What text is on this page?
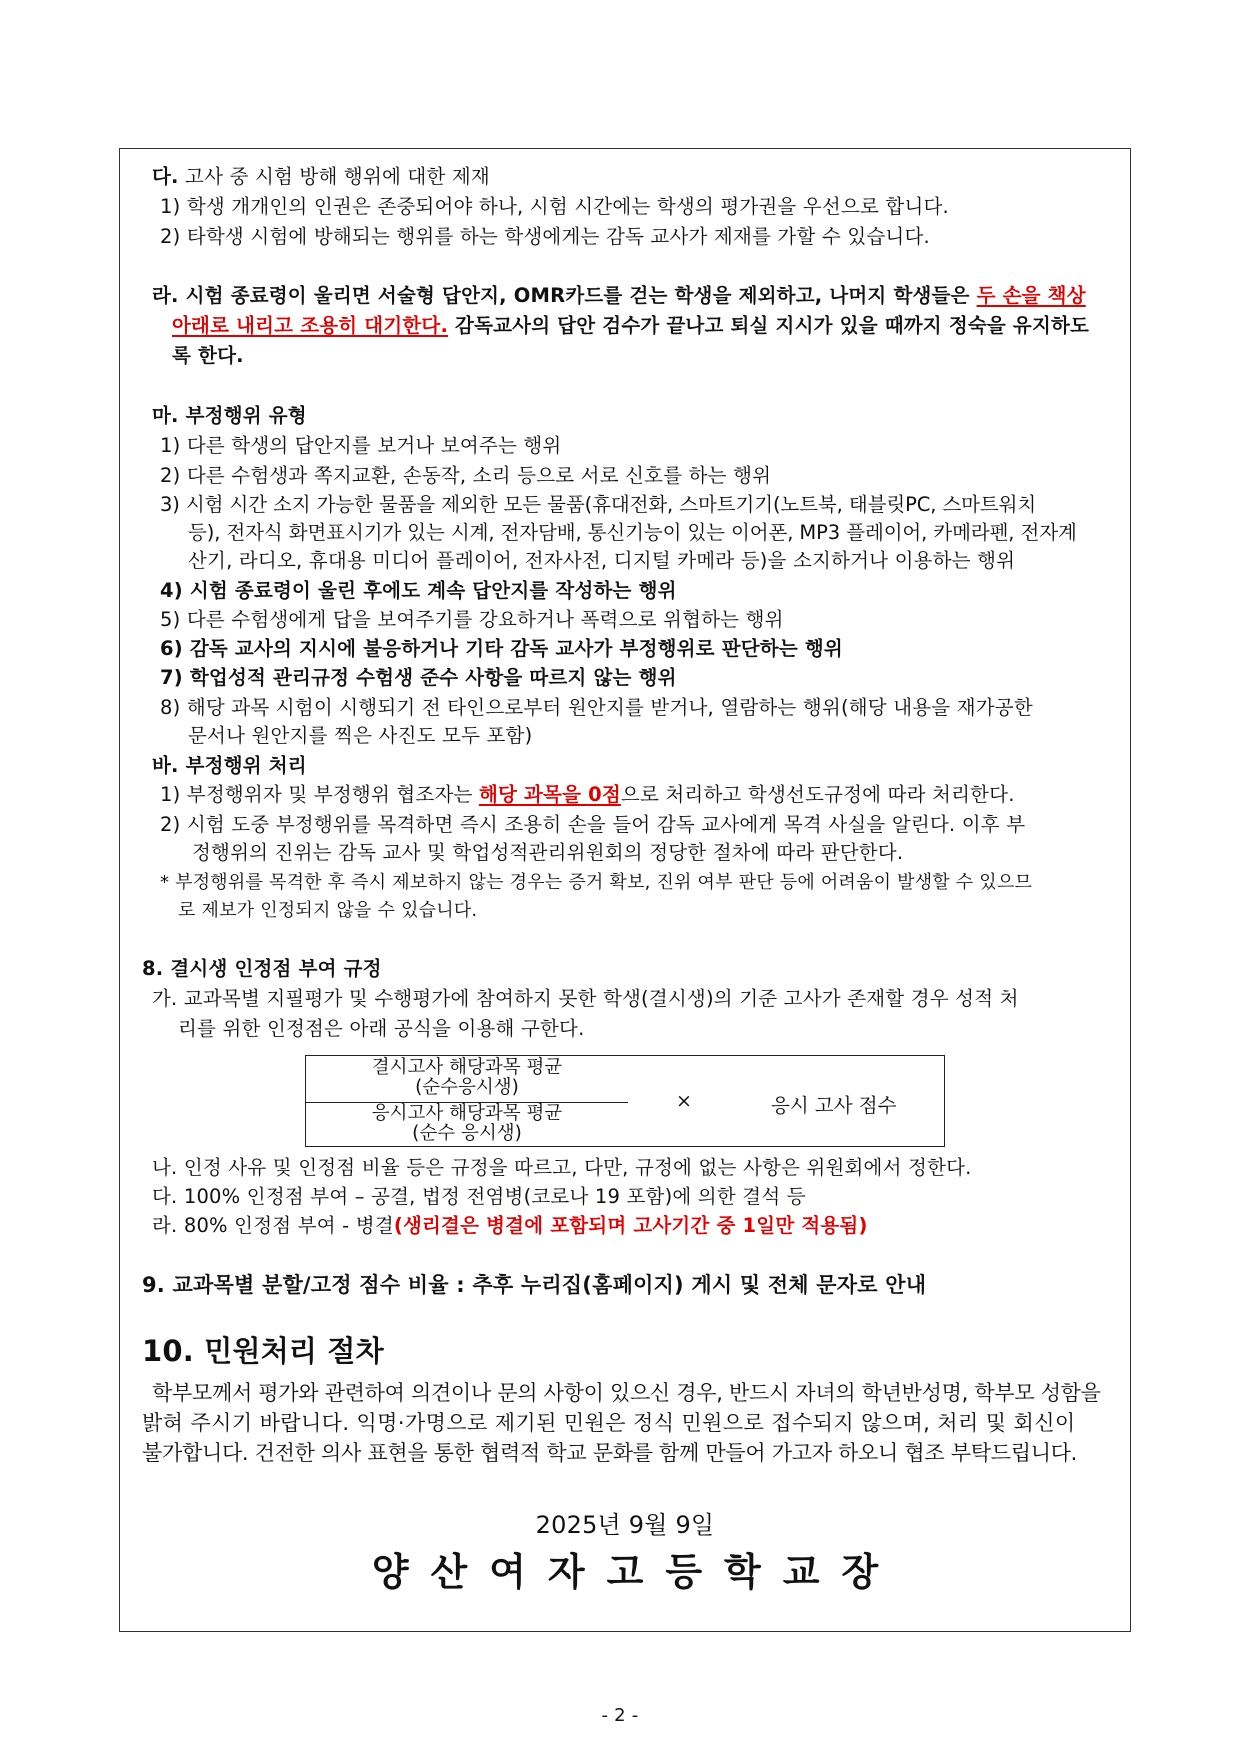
다. 고사 중 시험 방해 행위에 대한 제재
1) 학생 개개인의 인권은 존중되어야 하나, 시험 시간에는 학생의 평가권을 우선으로 합니다.
2) 타학생 시험에 방해되는 행위를 하는 학생에게는 감독 교사가 제재를 가할 수 있습니다.
라. 시험 종료령이 울리면 서술형 답안지, OMR카드를 걷는 학생을 제외하고, 나머지 학생들은 두 손을 책상
아래로 내리고 조용히 대기한다. 감독교사의 답안 검수가 끝나고 퇴실 지시가 있을 때까지 정숙을 유지하도
록 한다.
마. 부정행위 유형
1) 다른 학생의 답안지를 보거나 보여주는 행위
2) 다른 수험생과 쪽지교환, 손동작, 소리 등으로 서로 신호를 하는 행위
3) 시험 시간 소지 가능한 물품을 제외한 모든 물품(휴대전화, 스마트기기(노트북, 태블릿PC, 스마트워치
등), 전자식 화면표시기가 있는 시계, 전자담배, 통신기능이 있는 이어폰, MP3 플레이어, 카메라펜, 전자계
산기, 라디오, 휴대용 미디어 플레이어, 전자사전, 디지털 카메라 등)을 소지하거나 이용하는 행위
4) 시험 종료령이 울린 후에도 계속 답안지를 작성하는 행위
5) 다른 수험생에게 답을 보여주기를 강요하거나 폭력으로 위협하는 행위
6) 감독 교사의 지시에 불응하거나 기타 감독 교사가 부정행위로 판단하는 행위
7) 학업성적 관리규정 수험생 준수 사항을 따르지 않는 행위
8) 해당 과목 시험이 시행되기 전 타인으로부터 원안지를 받거나, 열람하는 행위(해당 내용을 재가공한
문서나 원안지를 찍은 사진도 모두 포함)
바. 부정행위 처리
1) 부정행위자 및 부정행위 협조자는 해당 과목을 0점으로 처리하고 학생선도규정에 따라 처리한다.
2) 시험 도중 부정행위를 목격하면 즉시 조용히 손을 들어 감독 교사에게 목격 사실을 알린다. 이후 부
정행위의 진위는 감독 교사 및 학업성적관리위원회의 정당한 절차에 따라 판단한다.
* 부정행위를 목격한 후 즉시 제보하지 않는 경우는 증거 확보, 진위 여부 판단 등에 어려움이 발생할 수 있으므
로 제보가 인정되지 않을 수 있습니다.
8. 결시생 인정점 부여 규정
가. 교과목별 지필평가 및 수행평가에 참여하지 못한 학생(결시생)의 기준 고사가 존재할 경우 성적 처
리를 위한 인정점은 아래 공식을 이용해 구한다.
결시고사 해당과목 평균
(순수응시생)
응시고사 해당과목 평균
(순수 응시생)
×	응시 고사 점수
나. 인정 사유 및 인정점 비율 등은 규정을 따르고, 다만, 규정에 없는 사항은 위원회에서 정한다.
다. 100% 인정점 부여 – 공결, 법정 전염병(코로나 19 포함)에 의한 결석 등
라. 80% 인정점 부여 - 병결(생리결은 병결에 포함되며 고사기간 중 1일만 적용됨)
9. 교과목별 분할/고정 점수 비율 : 추후 누리집(홈페이지) 게시 및 전체 문자로 안내
10. 민원처리 절차
학부모께서 평가와 관련하여 의견이나 문의 사항이 있으신 경우, 반드시 자녀의 학년반성명, 학부모 성함을
밝혀 주시기 바랍니다. 익명·가명으로 제기된 민원은 정식 민원으로 접수되지 않으며, 처리 및 회신이
불가합니다. 건전한 의사 표현을 통한 협력적 학교 문화를 함께 만들어 가고자 하오니 협조 부탁드립니다.
2025년 9월 9일
양산여자고등학교장
- 2 -
